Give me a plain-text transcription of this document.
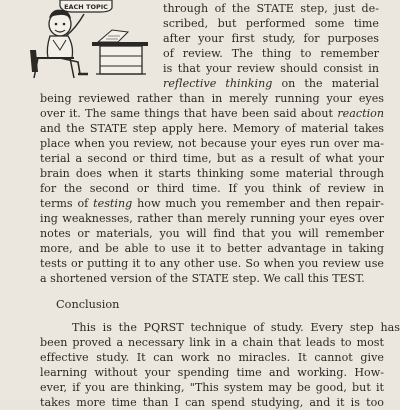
EACH TOPIC	through of the STATE step, just de-
scribed, but performed some time
after your first study, for purposes
of review. The thing to remember
is that your review should consist in
reflective thinking on the material
being reviewed rather than in merely running your eyes
over it. The same things that have been said about reaction
and the STATE step apply here. Memory of material takes
place when you review, not because your eyes run over ma-
terial a second or third time, but as a result of what your
brain does when it starts thinking some material through
for the second or third time. If you think of review in
terms of testing how much you remember and then repair-
ing weaknesses, rather than merely running your eyes over
notes or materials, you will find that you will remember
more, and be able to use it to better advantage in taking
tests or putting it to any other use. So when you review use
a shortened version of the STATE step. We call this TEST.
Conclusion
This is the PQRST technique of study. Every step has
been proved a necessary link in a chain that leads to most
effective study. It can work no miracles. It cannot give
learning without your spending time and working. How-
ever, if you are thinking, "This system may be good, but it
takes more time than I can spend studying, and it is too
